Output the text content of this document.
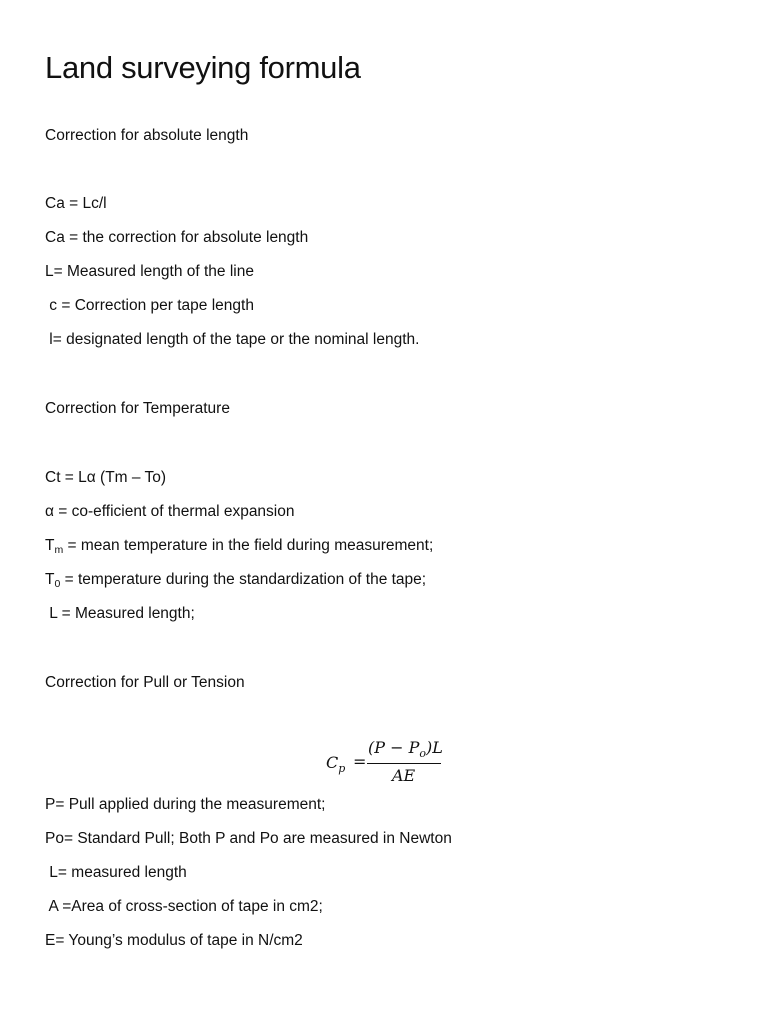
Land surveying formula
Correction for absolute length
Ca = Lc/l
Ca = the correction for absolute length
L= Measured length of the line
c = Correction per tape length
l= designated length of the tape or the nominal length.
Correction for Temperature
Ct = Lα (Tm – To)
α = co-efficient of thermal expansion
$T_m$ = mean temperature in the field during measurement;
$T_0$ = temperature during the standardization of the tape;
L = Measured length;
Correction for Pull or Tension
$C_p$ =
$(P - P_o)L$
AE
P= Pull applied during the measurement;
Po= Standard Pull; Both P and Po are measured in Newton
L= measured length
A =Area of cross-section of tape in cm2;
E= Young’s modulus of tape in N/cm2
